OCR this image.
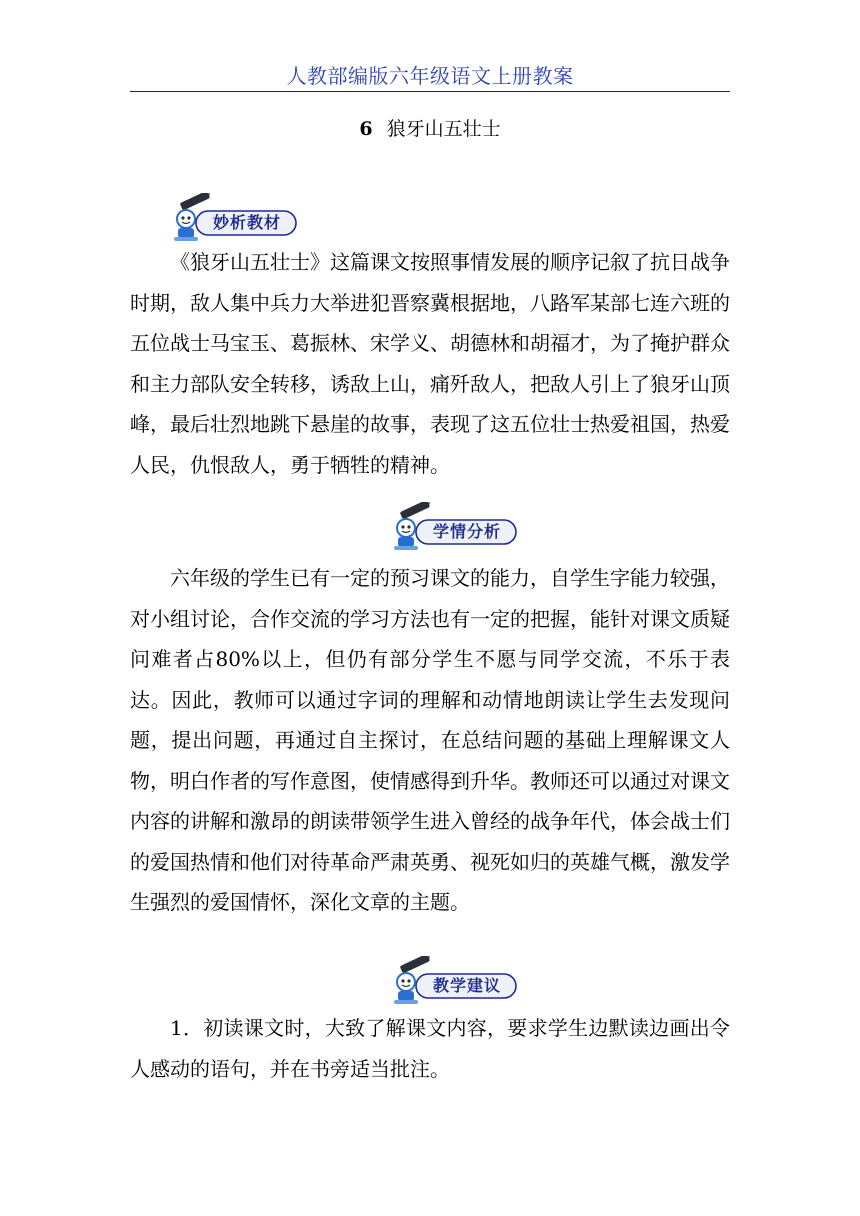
人教部编版六年级语文上册教案
6 狼牙山五壮士
妙析教材

《狼牙山五壮士》这篇课文按照事情发展的顺序记叙了抗日战争时期，敌人集中兵力大举进犯晋察冀根据地，八路军某部七连六班的五位战士马宝玉、葛振林、宋学义、胡德林和胡福才，为了掩护群众和主力部队安全转移，诱敌上山，痛歼敌人，把敌人引上了狼牙山顶峰，最后壮烈地跳下悬崖的故事，表现了这五位壮士热爱祖国，热爱人民，仇恨敌人，勇于牺牲的精神。

学情分析

六年级的学生已有一定的预习课文的能力，自学生字能力较强，对小组讨论，合作交流的学习方法也有一定的把握，能针对课文质疑问难者占80%以上，但仍有部分学生不愿与同学交流，不乐于表达。因此，教师可以通过字词的理解和动情地朗读让学生去发现问题，提出问题，再通过自主探讨，在总结问题的基础上理解课文人物，明白作者的写作意图，使情感得到升华。教师还可以通过对课文内容的讲解和激昂的朗读带领学生进入曾经的战争年代，体会战士们的爱国热情和他们对待革命严肃英勇、视死如归的英雄气概，激发学生强烈的爱国情怀，深化文章的主题。

教学建议

1．初读课文时，大致了解课文内容，要求学生边默读边画出令人感动的语句，并在书旁适当批注。
